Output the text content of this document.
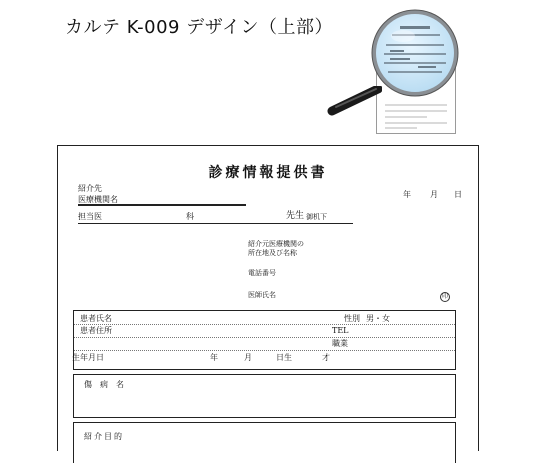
カルテ K-009 デザイン（上部）
診療情報提供書
紹介先
医療機関名
年 月 日
担当医	科	先生 御机下
紹介元医療機関の
所在地及び名称
電話番号
医師氏名	印
患者氏名	性別 男・女
患者住所	TEL
職業
生年月日	年	月	日生	才
傷　病　名
紹介目的
